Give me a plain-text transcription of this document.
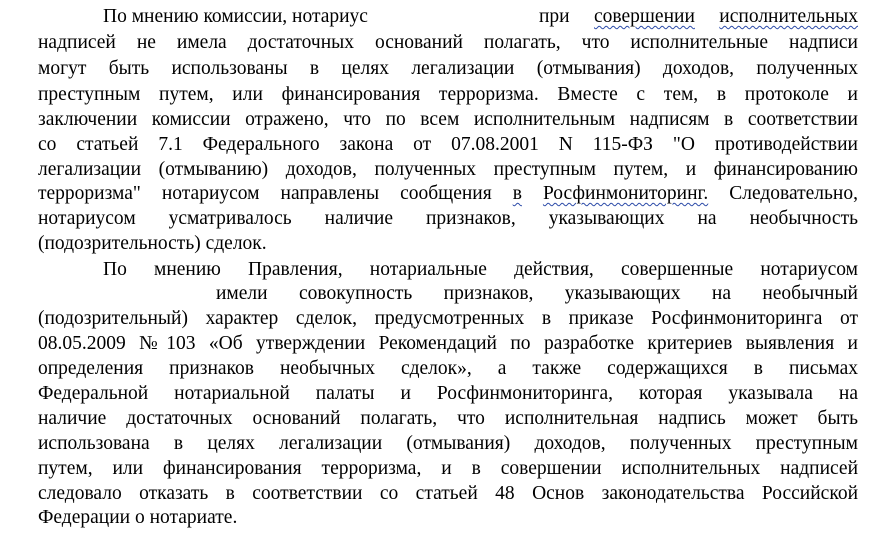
По мнению комиссии, нотариус	при совершении исполнительных
надписей не имела достаточных оснований полагать, что исполнительные надписи
могут быть использованы в целях легализации (отмывания) доходов, полученных
преступным путем, или финансирования терроризма. Вместе с тем, в протоколе и
заключении комиссии отражено, что по всем исполнительным надписям в соответствии
со статьей 7.1 Федерального закона от 07.08.2001 N 115-ФЗ "О противодействии
легализации (отмыванию) доходов, полученных преступным путем, и финансированию
терроризма" нотариусом направлены сообщения в Росфинмониторинг. Следовательно,
нотариусом усматривалось наличие признаков, указывающих на необычность
(подозрительность) сделок.
По мнению Правления, нотариальные действия, совершенные нотариусом
имели совокупность признаков, указывающих на необычный
(подозрительный) характер сделок, предусмотренных в приказе Росфинмониторинга от
08.05.2009 №103 «Об утверждении Рекомендаций по разработке критериев выявления и
определения признаков необычных сделок», а также содержащихся в письмах
Федеральной нотариальной палаты и Росфинмониторинга, которая указывала на
наличие достаточных оснований полагать, что исполнительная надпись может быть
использована в целях легализации (отмывания) доходов, полученных преступным
путем, или финансирования терроризма, и в совершении исполнительных надписей
следовало отказать в соответствии со статьей 48 Основ законодательства Российской
Федерации о нотариате.
